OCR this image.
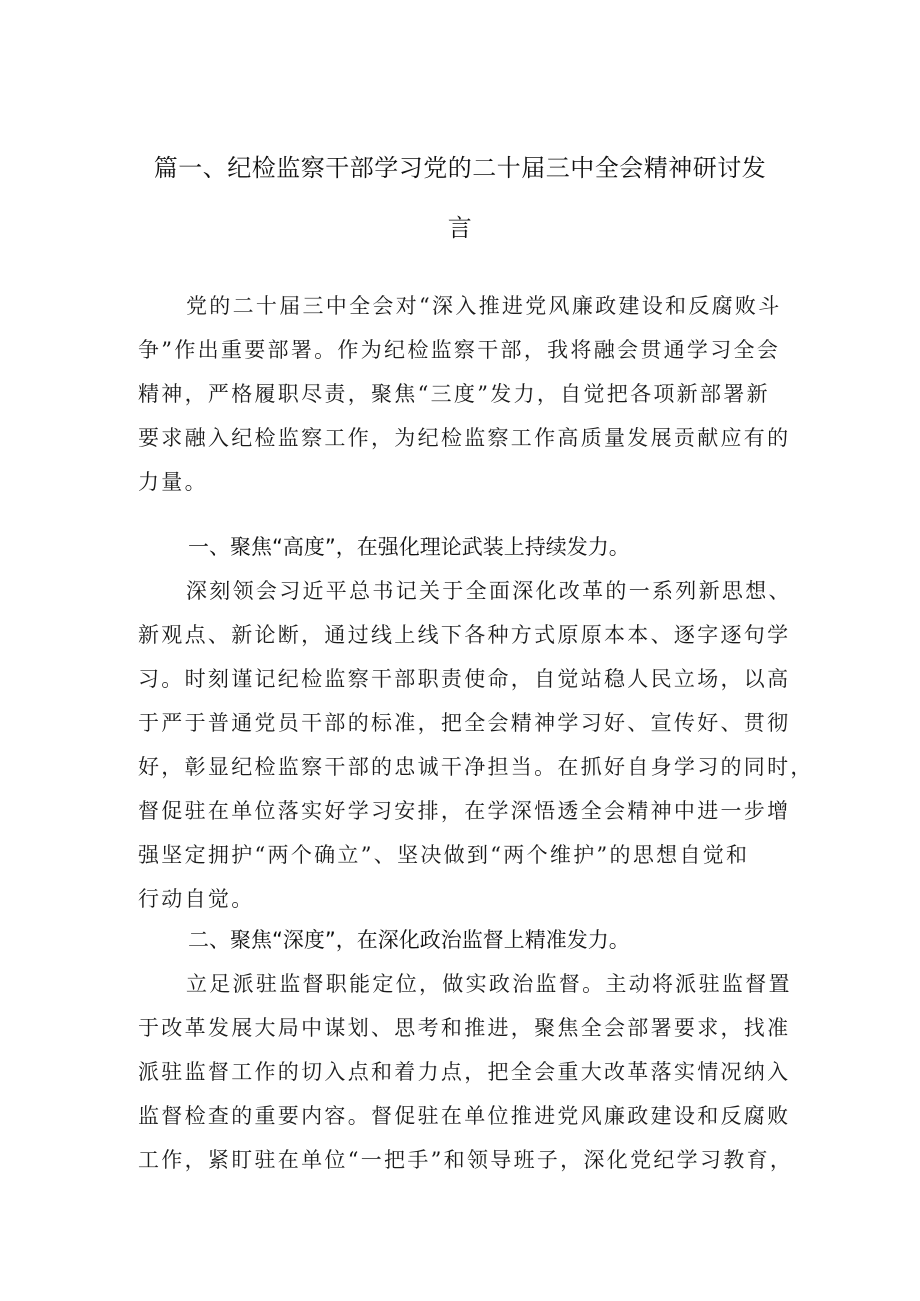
篇一、纪检监察干部学习党的二十届三中全会精神研讨发
言
党的二十届三中全会对“深入推进党风廉政建设和反腐败斗
争”作出重要部署。作为纪检监察干部，我将融会贯通学习全会
精神，严格履职尽责，聚焦“三度”发力，自觉把各项新部署新
要求融入纪检监察工作，为纪检监察工作高质量发展贡献应有的
力量。
一、聚焦“高度”，在强化理论武装上持续发力。
深刻领会习近平总书记关于全面深化改革的一系列新思想、
新观点、新论断，通过线上线下各种方式原原本本、逐字逐句学
习。时刻谨记纪检监察干部职责使命，自觉站稳人民立场，以高
于严于普通党员干部的标准，把全会精神学习好、宣传好、贯彻
好，彰显纪检监察干部的忠诚干净担当。在抓好自身学习的同时，
督促驻在单位落实好学习安排，在学深悟透全会精神中进一步增
强坚定拥护“两个确立”、坚决做到“两个维护”的思想自觉和
行动自觉。
二、聚焦“深度”，在深化政治监督上精准发力。
立足派驻监督职能定位，做实政治监督。主动将派驻监督置
于改革发展大局中谋划、思考和推进，聚焦全会部署要求，找准
派驻监督工作的切入点和着力点，把全会重大改革落实情况纳入
监督检查的重要内容。督促驻在单位推进党风廉政建设和反腐败
工作，紧盯驻在单位“一把手”和领导班子，深化党纪学习教育，
